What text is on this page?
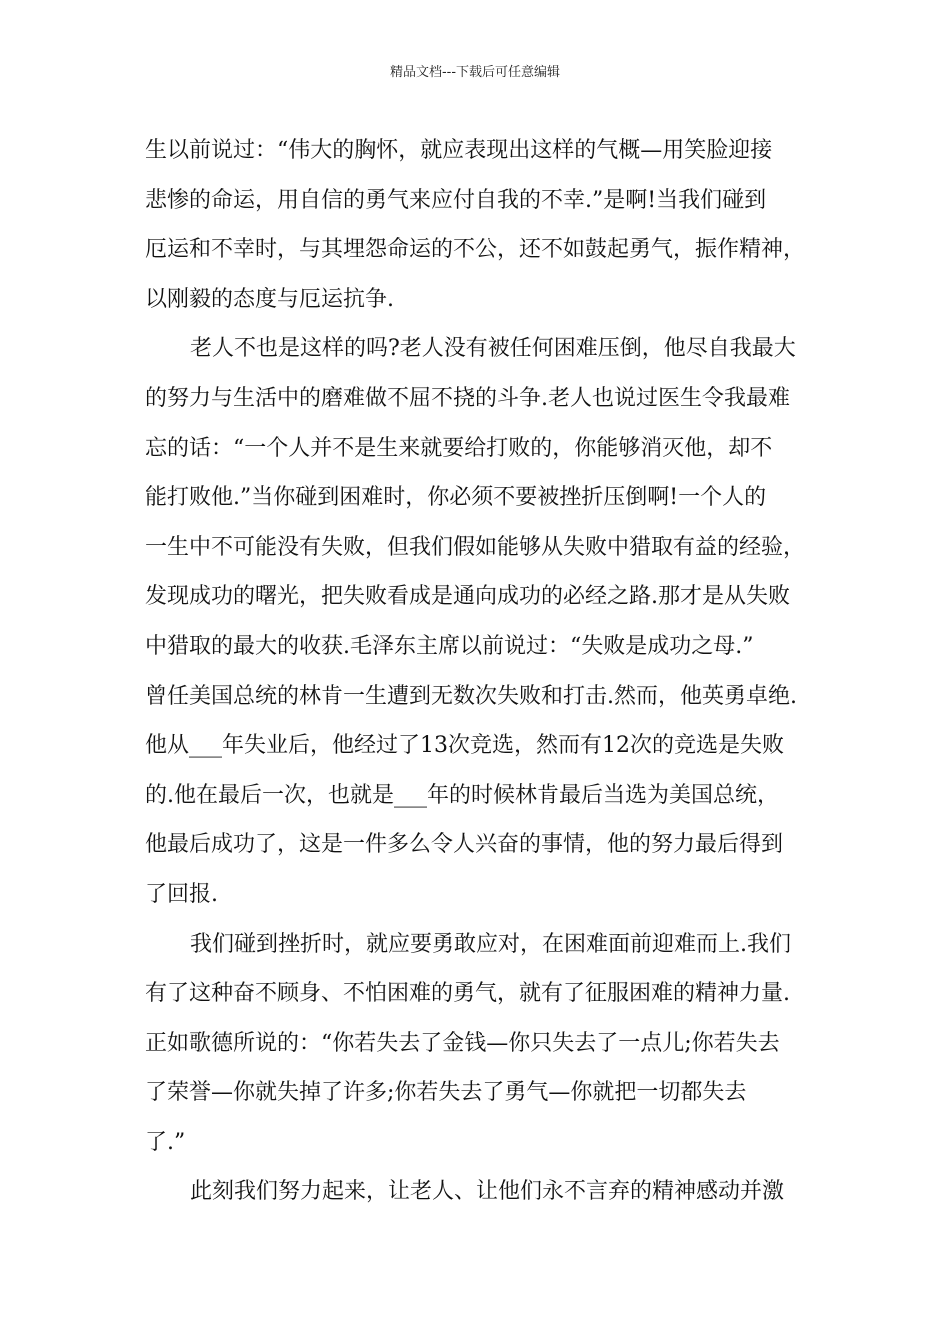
精品文档---下载后可任意编辑
生以前说过：“伟大的胸怀，就应表现出这样的气概—用笑脸迎接
悲惨的命运，用自信的勇气来应付自我的不幸.”是啊!当我们碰到
厄运和不幸时，与其埋怨命运的不公，还不如鼓起勇气，振作精神，
以刚毅的态度与厄运抗争.
老人不也是这样的吗?老人没有被任何困难压倒，他尽自我最大
的努力与生活中的磨难做不屈不挠的斗争.老人也说过医生令我最难
忘的话：“一个人并不是生来就要给打败的，你能够消灭他，却不
能打败他.”当你碰到困难时，你必须不要被挫折压倒啊!一个人的
一生中不可能没有失败，但我们假如能够从失败中猎取有益的经验，
发现成功的曙光，把失败看成是通向成功的必经之路.那才是从失败
中猎取的最大的收获.毛泽东主席以前说过：“失败是成功之母.”
曾任美国总统的林肯一生遭到无数次失败和打击.然而，他英勇卓绝.
他从___年失业后，他经过了13次竞选，然而有12次的竞选是失败
的.他在最后一次，也就是___年的时候林肯最后当选为美国总统，
他最后成功了，这是一件多么令人兴奋的事情，他的努力最后得到
了回报.
我们碰到挫折时，就应要勇敢应对，在困难面前迎难而上.我们
有了这种奋不顾身、不怕困难的勇气，就有了征服困难的精神力量.
正如歌德所说的：“你若失去了金钱—你只失去了一点儿;你若失去
了荣誉—你就失掉了许多;你若失去了勇气—你就把一切都失去
了.”
此刻我们努力起来，让老人、让他们永不言弃的精神感动并激
